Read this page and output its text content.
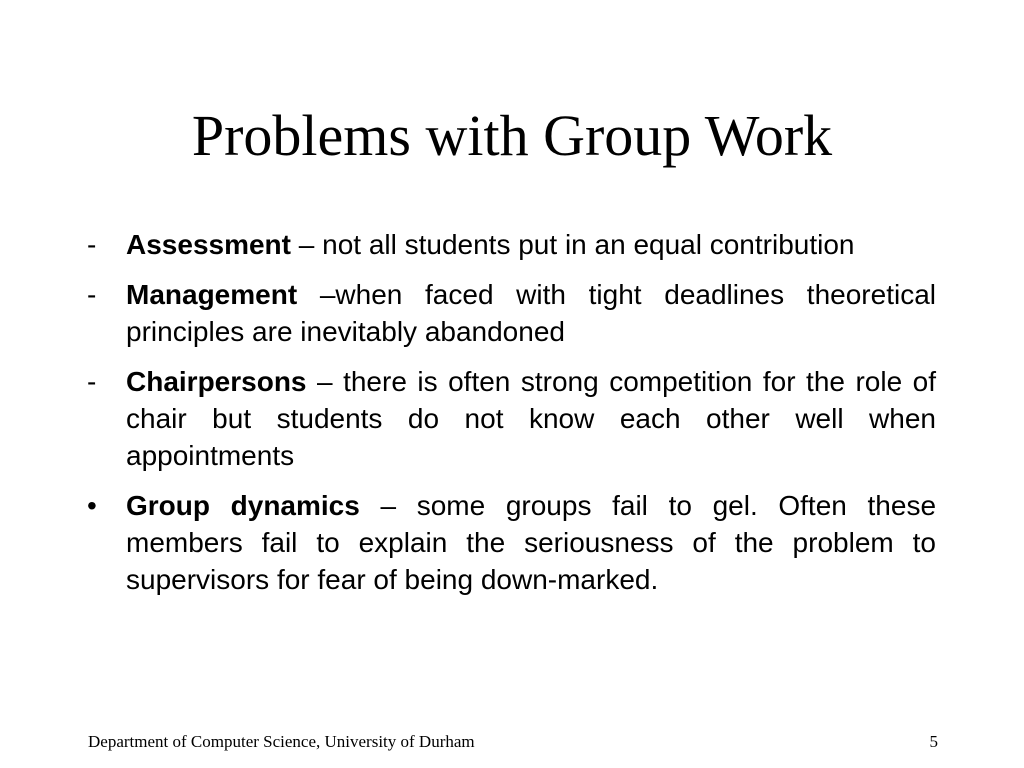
Problems with Group Work
- Assessment – not all students put in an equal contribution
- Management –when faced with tight deadlines theoretical principles are inevitably abandoned
- Chairpersons – there is often strong competition for the role of chair but students do not know each other well when appointments
• Group dynamics – some groups fail to gel. Often these members fail to explain the seriousness of the problem to supervisors for fear of being down-marked.
Department of Computer Science, University of Durham	5
